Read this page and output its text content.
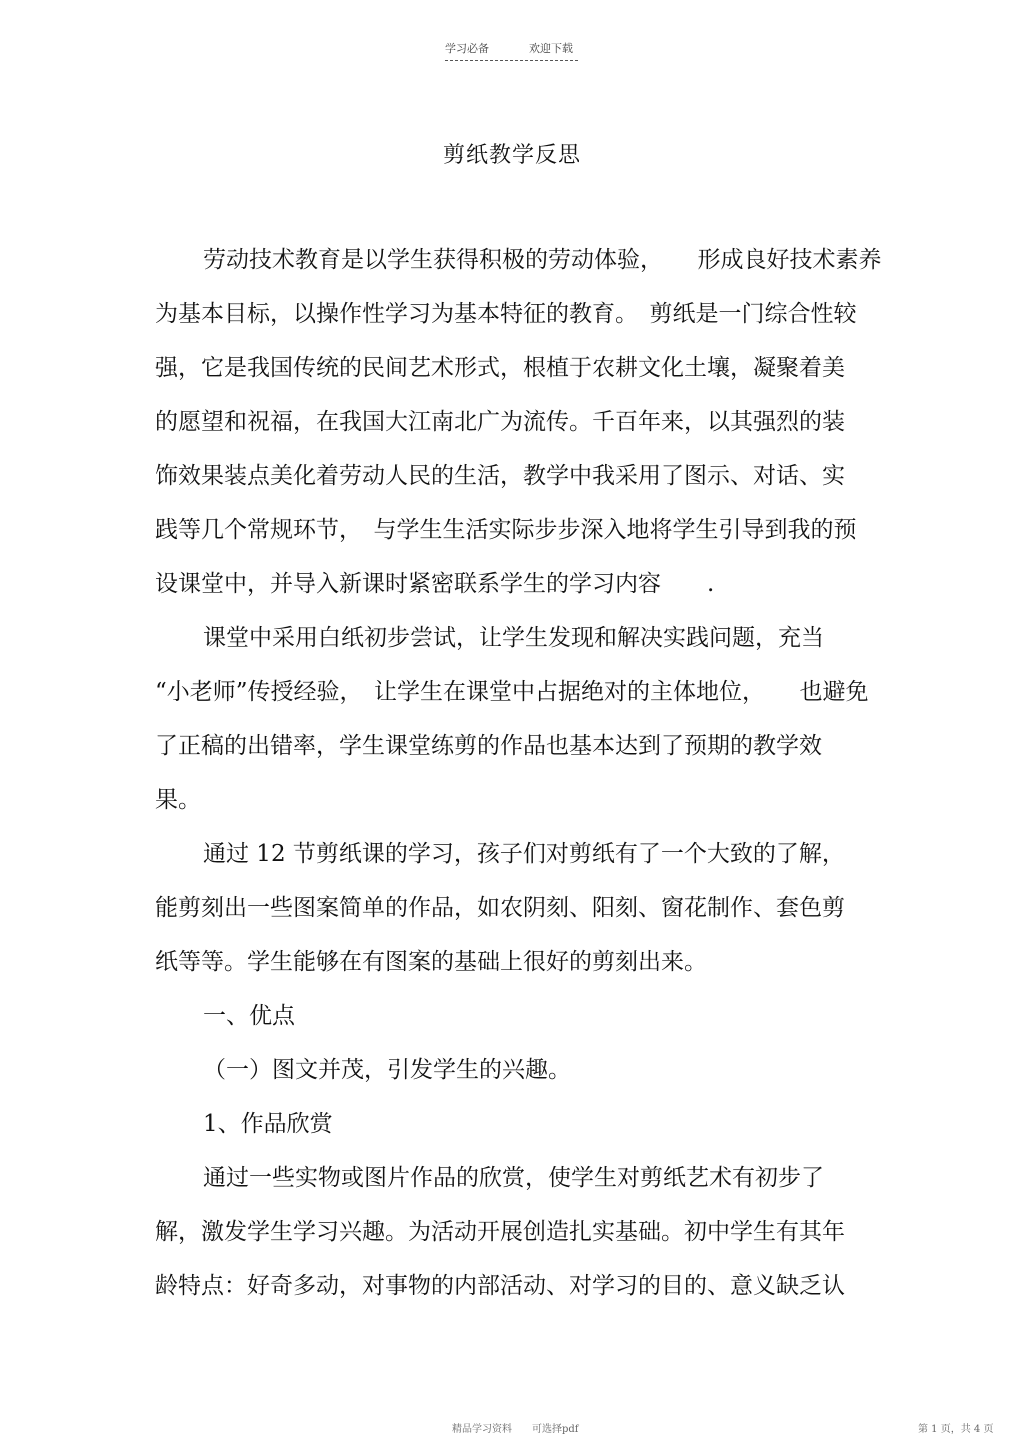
学习必备	欢迎下载
剪纸教学反思

劳动技术教育是以学生获得积极的劳动体验，　　形成良好技术素养

为基本目标，以操作性学习为基本特征的教育。　剪纸是一门综合性较

强，它是我国传统的民间艺术形式，根植于农耕文化土壤，凝聚着美

的愿望和祝福，在我国大江南北广为流传。千百年来，以其强烈的装

饰效果装点美化着劳动人民的生活，教学中我采用了图示、对话、实

践等几个常规环节，　与学生生活实际步步深入地将学生引导到我的预

设课堂中，并导入新课时紧密联系学生的学习内容　　.

课堂中采用白纸初步尝试，让学生发现和解决实践问题，充当

“小老师”传授经验，　让学生在课堂中占据绝对的主体地位，　　也避免

了正稿的出错率，学生课堂练剪的作品也基本达到了预期的教学效

果。

通过 12 节剪纸课的学习，孩子们对剪纸有了一个大致的了解，

能剪刻出一些图案简单的作品，如农阴刻、阳刻、窗花制作、套色剪

纸等等。学生能够在有图案的基础上很好的剪刻出来。

一、优点

（一）图文并茂，引发学生的兴趣。

1、作品欣赏

通过一些实物或图片作品的欣赏，使学生对剪纸艺术有初步了

解，激发学生学习兴趣。为活动开展创造扎实基础。初中学生有其年

龄特点：好奇多动，对事物的内部活动、对学习的目的、意义缺乏认

精品学习资料　　可选择pdf	第 1 页，共 4 页
